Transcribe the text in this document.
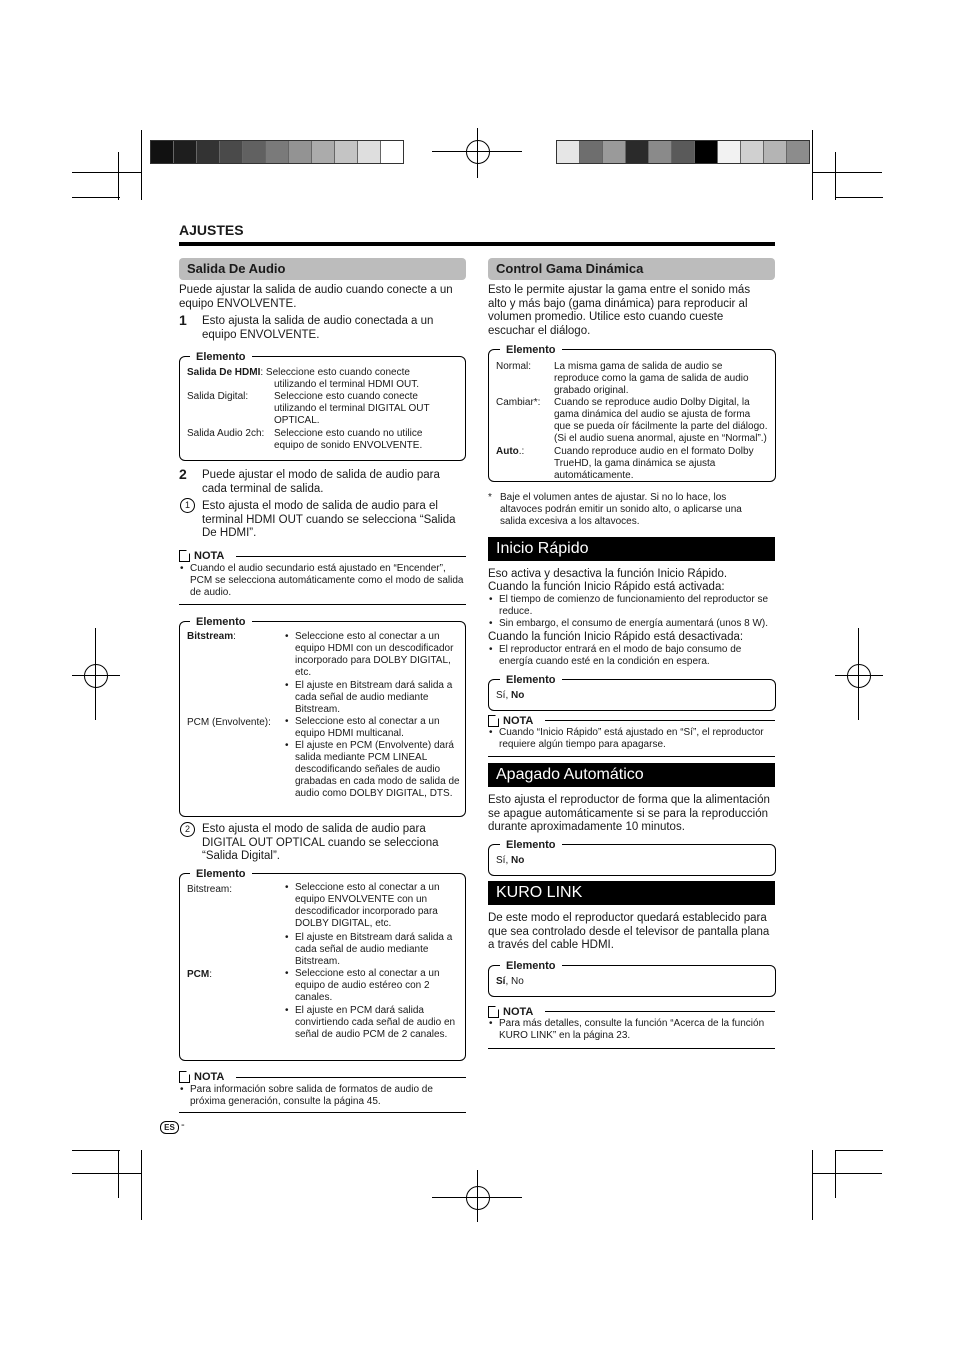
AJUSTES
Salida De Audio
Puede ajustar la salida de audio cuando conecte a un equipo ENVOLVENTE.
1 Esto ajusta la salida de audio conectada a un equipo ENVOLVENTE.
Elemento
Salida De HDMI: Seleccione esto cuando conecte
utilizando el terminal HDMI OUT.
Salida Digital:	Seleccione esto cuando conecte
utilizando el terminal DIGITAL OUT
OPTICAL.
Salida Audio 2ch: Seleccione esto cuando no utilice
equipo de sonido ENVOLVENTE.
2 Puede ajustar el modo de salida de audio para cada terminal de salida.
1	Esto ajusta el modo de salida de audio para el terminal HDMI OUT cuando se selecciona “Salida De HDMI”.
NOTA
• Cuando el audio secundario está ajustado en “Encender”, PCM se selecciona automáticamente como el modo de salida de audio.
Elemento
Bitstream:	• Seleccione esto al conectar a un equipo HDMI con un descodificador incorporado para DOLBY DIGITAL, etc.
• El ajuste en Bitstream dará salida a cada señal de audio mediante Bitstream.
PCM (Envolvente):	• Seleccione esto al conectar a un equipo HDMI multicanal.
• El ajuste en PCM (Envolvente) dará salida mediante PCM LINEAL descodificando señales de audio grabadas en cada modo de salida de audio como DOLBY DIGITAL, DTS.
2	Esto ajusta el modo de salida de audio para DIGITAL OUT OPTICAL cuando se selecciona “Salida Digital”.
Elemento
Bitstream:	• Seleccione esto al conectar a un equipo ENVOLVENTE con un descodificador incorporado para DOLBY DIGITAL, etc.
• El ajuste en Bitstream dará salida a cada señal de audio mediante Bitstream.
PCM:	• Seleccione esto al conectar a un equipo de audio estéreo con 2 canales.
• El ajuste en PCM dará salida convirtiendo cada señal de audio en señal de audio PCM de 2 canales.
NOTA
• Para información sobre salida de formatos de audio de próxima generación, consulte la página 45.
ES -
Control Gama Dinámica
Esto le permite ajustar la gama entre el sonido más alto y más bajo (gama dinámica) para reproducir al volumen promedio. Utilice esto cuando cueste escuchar el diálogo.
Elemento
Normal: La misma gama de salida de audio se reproduce como la gama de salida de audio grabado original.
Cambiar*: Cuando se reproduce audio Dolby Digital, la gama dinámica del audio se ajusta de forma que se pueda oír fácilmente la parte del diálogo. (Si el audio suena anormal, ajuste en “Normal”.)
Auto.:	Cuando reproduce audio en el formato Dolby TrueHD, la gama dinámica se ajusta automáticamente.
* Baje el volumen antes de ajustar. Si no lo hace, los altavoces podrán emitir un sonido alto, o aplicarse una salida excesiva a los altavoces.
Inicio Rápido
Eso activa y desactiva la función Inicio Rápido.
Cuando la función Inicio Rápido está activada:
• El tiempo de comienzo de funcionamiento del reproductor se reduce.
• Sin embargo, el consumo de energía aumentará (unos 8 W).
Cuando la función Inicio Rápido está desactivada:
• El reproductor entrará en el modo de bajo consumo de energía cuando esté en la condición en espera.
Elemento
Sí, No
NOTA
• Cuando “Inicio Rápido” está ajustado en “Sí”, el reproductor requiere algún tiempo para apagarse.
Apagado Automático
Esto ajusta el reproductor de forma que la alimentación se apague automáticamente si se para la reproducción durante aproximadamente 10 minutos.
Elemento
Sí, No
KURO LINK
De este modo el reproductor quedará establecido para que sea controlado desde el televisor de pantalla plana a través del cable HDMI.
Elemento
Sí, No
NOTA
• Para más detalles, consulte la función “Acerca de la función KURO LINK” en la página 23.
